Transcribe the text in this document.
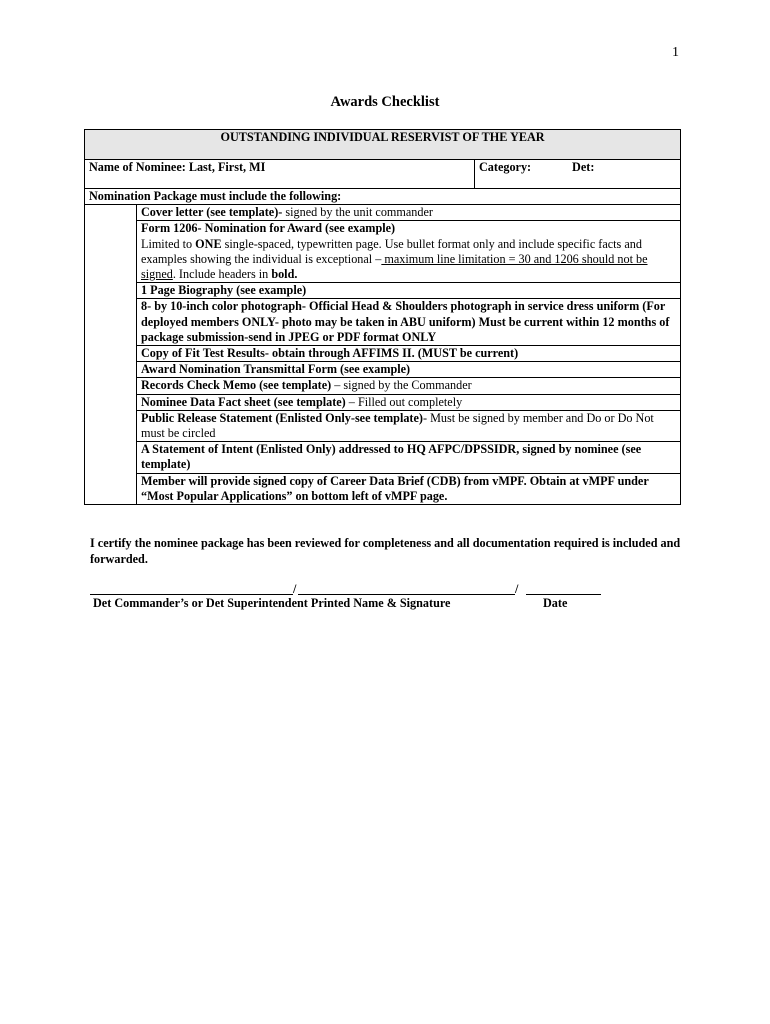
1
Awards Checklist
OUTSTANDING INDIVIDUAL RESERVIST OF THE YEAR		
Name of Nominee: Last, First, MI		Category: Det:
Nomination Package must include the following:		
	Cover letter (see template)- signed by the unit commander	
	Form 1206- Nomination for Award (see example)
Limited to ONE single-spaced, typewritten page. Use bullet format only and include specific facts and examples showing the individual is exceptional – maximum line limitation = 30 and 1206 should not be signed. Include headers in bold.	
	1 Page Biography (see example)	
	8- by 10-inch color photograph- Official Head & Shoulders photograph in service dress uniform (For deployed members ONLY- photo may be taken in ABU uniform) Must be current within 12 months of package submission-send in JPEG or PDF format ONLY	
	Copy of Fit Test Results- obtain through AFFIMS II. (MUST be current)	
	Award Nomination Transmittal Form (see example)	
	Records Check Memo (see template) – signed by the Commander	
	Nominee Data Fact sheet (see template) – Filled out completely	
	Public Release Statement (Enlisted Only-see template)- Must be signed by member and Do or Do Not must be circled	
	A Statement of Intent (Enlisted Only) addressed to HQ AFPC/DPSSIDR, signed by nominee (see template)	
	Member will provide signed copy of Career Data Brief (CDB) from vMPF. Obtain at vMPF under “Most Popular Applications” on bottom left of vMPF page.	
I certify the nominee package has been reviewed for completeness and all documentation required is included and forwarded.
/	/
Det Commander’s or Det Superintendent Printed Name & Signature	Date
